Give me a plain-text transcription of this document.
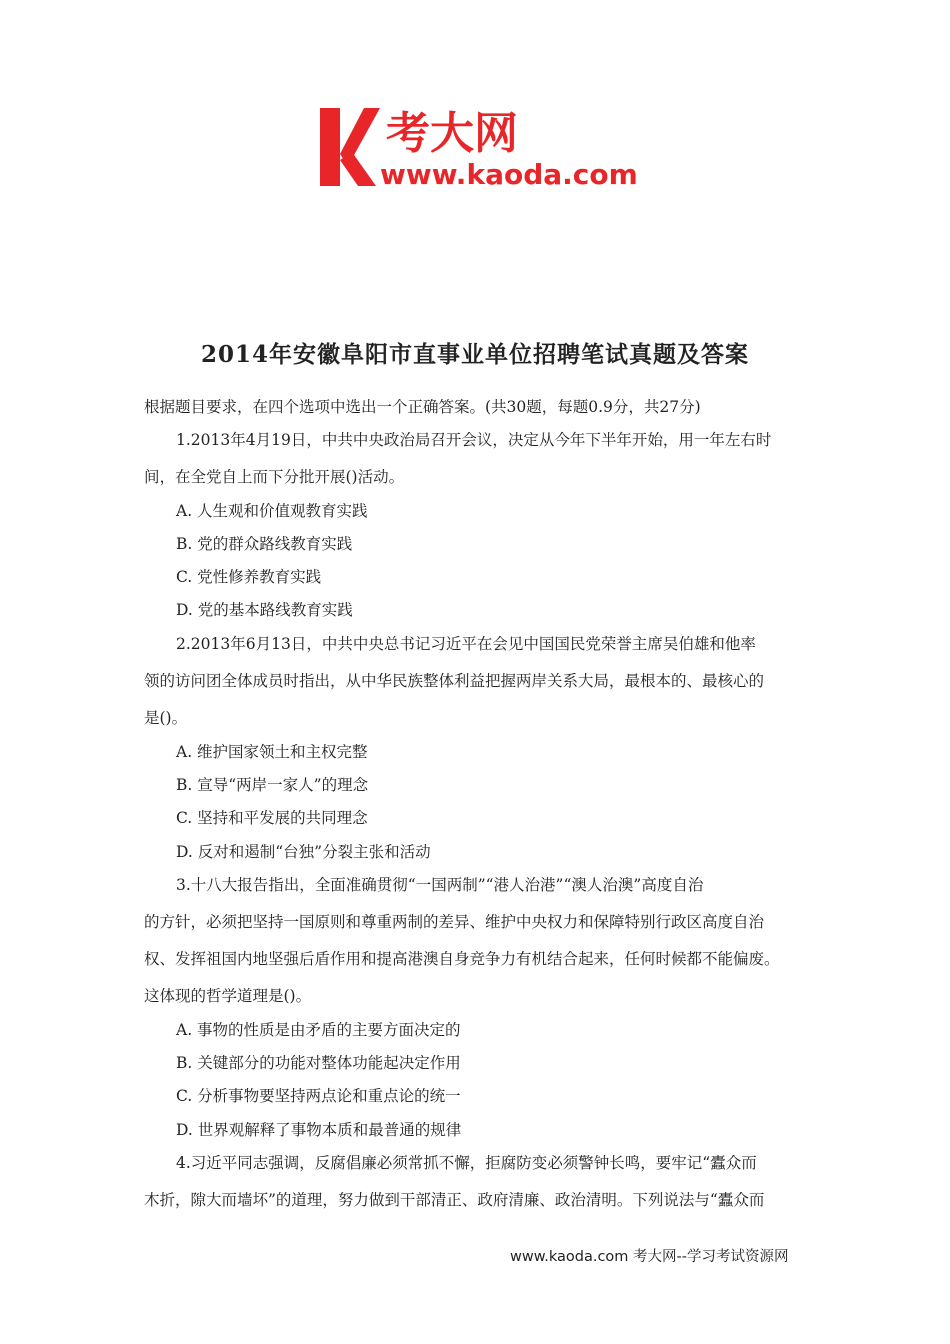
考大网
www.kaoda.com
2014年安徽阜阳市直事业单位招聘笔试真题及答案
根据题目要求，在四个选项中选出一个正确答案。(共30题，每题0.9分，共27分)
1.2013年4月19日，中共中央政治局召开会议，决定从今年下半年开始，用一年左右时
间，在全党自上而下分批开展()活动。
A. 人生观和价值观教育实践
B. 党的群众路线教育实践
C. 党性修养教育实践
D. 党的基本路线教育实践
2.2013年6月13日，中共中央总书记习近平在会见中国国民党荣誉主席吴伯雄和他率
领的访问团全体成员时指出，从中华民族整体利益把握两岸关系大局，最根本的、最核心的
是()。
A. 维护国家领土和主权完整
B. 宣导“两岸一家人”的理念
C. 坚持和平发展的共同理念
D. 反对和遏制“台独”分裂主张和活动
3.十八大报告指出，全面准确贯彻“一国两制”“港人治港”“澳人治澳”高度自治
的方针，必须把坚持一国原则和尊重两制的差异、维护中央权力和保障特别行政区高度自治
权、发挥祖国内地坚强后盾作用和提高港澳自身竞争力有机结合起来，任何时候都不能偏废。
这体现的哲学道理是()。
A. 事物的性质是由矛盾的主要方面决定的
B. 关键部分的功能对整体功能起决定作用
C. 分析事物要坚持两点论和重点论的统一
D. 世界观解释了事物本质和最普通的规律
4.习近平同志强调，反腐倡廉必须常抓不懈，拒腐防变必须警钟长鸣，要牢记“蠹众而
木折，隙大而墙坏”的道理，努力做到干部清正、政府清廉、政治清明。下列说法与“蠹众而
www.kaoda.com 考大网--学习考试资源网
